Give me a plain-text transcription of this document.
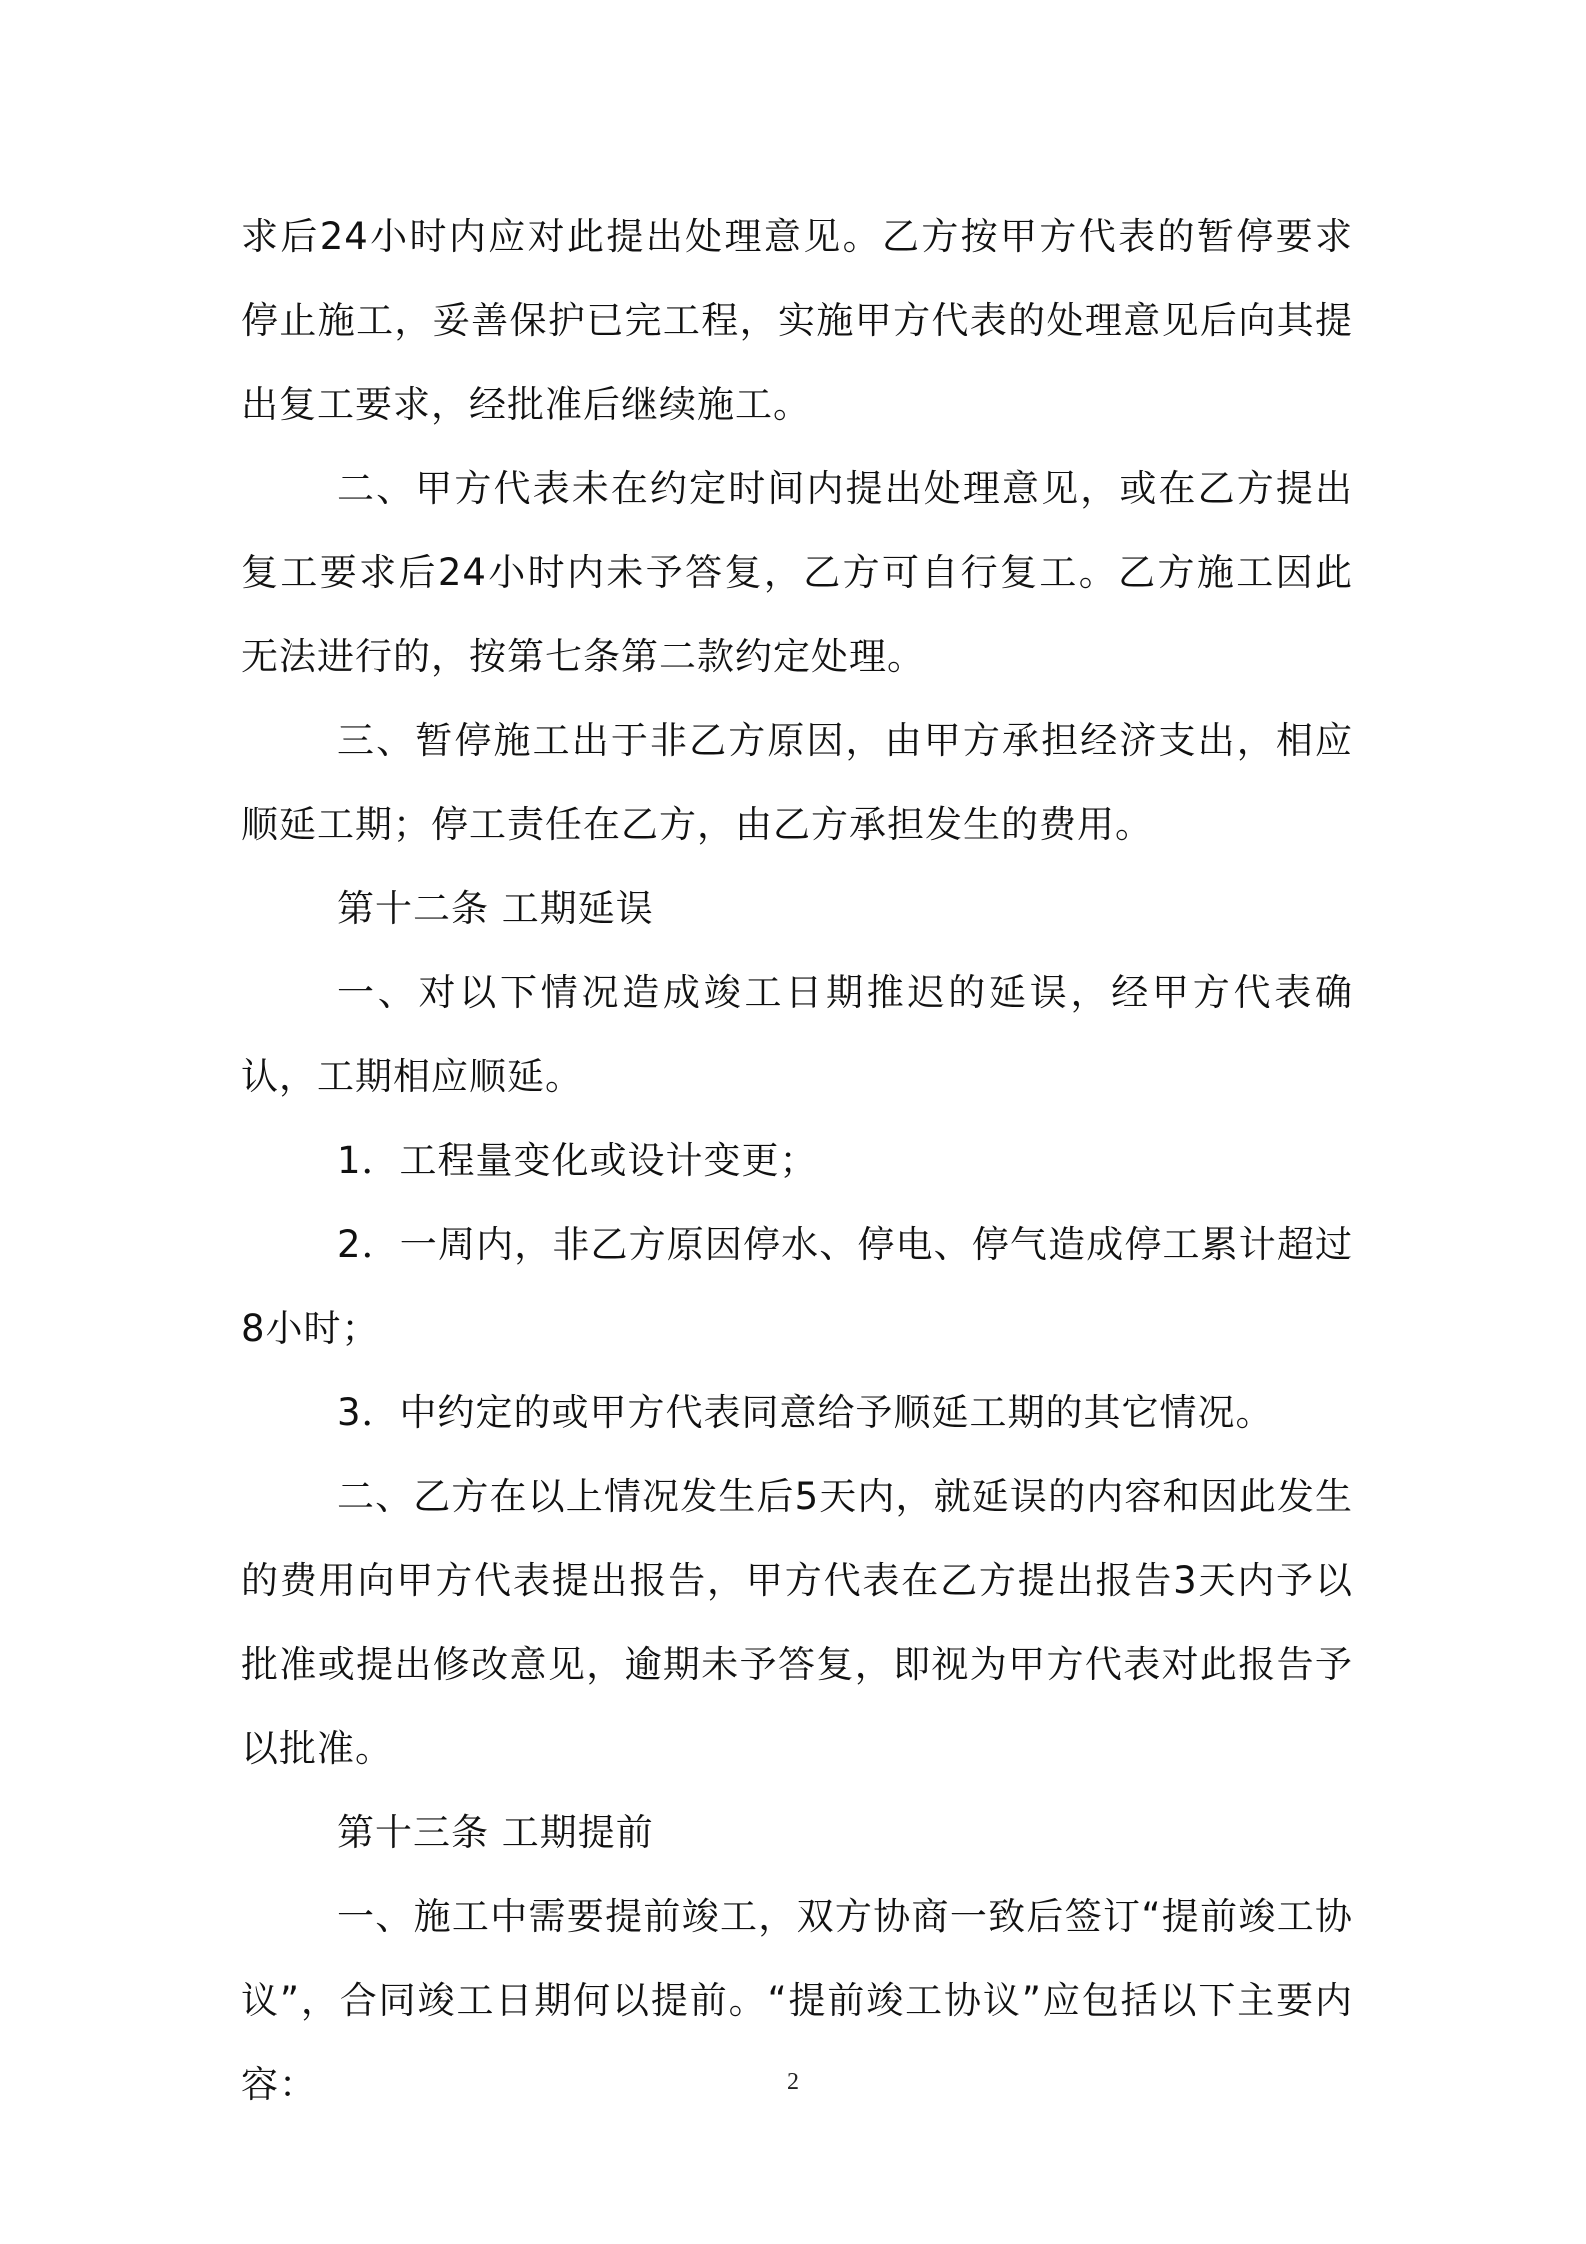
求后24小时内应对此提出处理意见。乙方按甲方代表的暂停要求停止施工，妥善保护已完工程，实施甲方代表的处理意见后向其提出复工要求，经批准后继续施工。

二、甲方代表未在约定时间内提出处理意见，或在乙方提出复工要求后24小时内未予答复，乙方可自行复工。乙方施工因此无法进行的，按第七条第二款约定处理。

三、暂停施工出于非乙方原因，由甲方承担经济支出，相应顺延工期；停工责任在乙方，由乙方承担发生的费用。

第十二条 工期延误

一、对以下情况造成竣工日期推迟的延误，经甲方代表确认，工期相应顺延。

1．工程量变化或设计变更；

2．一周内，非乙方原因停水、停电、停气造成停工累计超过8小时；

3．中约定的或甲方代表同意给予顺延工期的其它情况。

二、乙方在以上情况发生后5天内，就延误的内容和因此发生的费用向甲方代表提出报告，甲方代表在乙方提出报告3天内予以批准或提出修改意见，逾期未予答复，即视为甲方代表对此报告予以批准。

第十三条 工期提前

一、施工中需要提前竣工，双方协商一致后签订“提前竣工协议”，合同竣工日期何以提前。“提前竣工协议”应包括以下主要内容：	2
